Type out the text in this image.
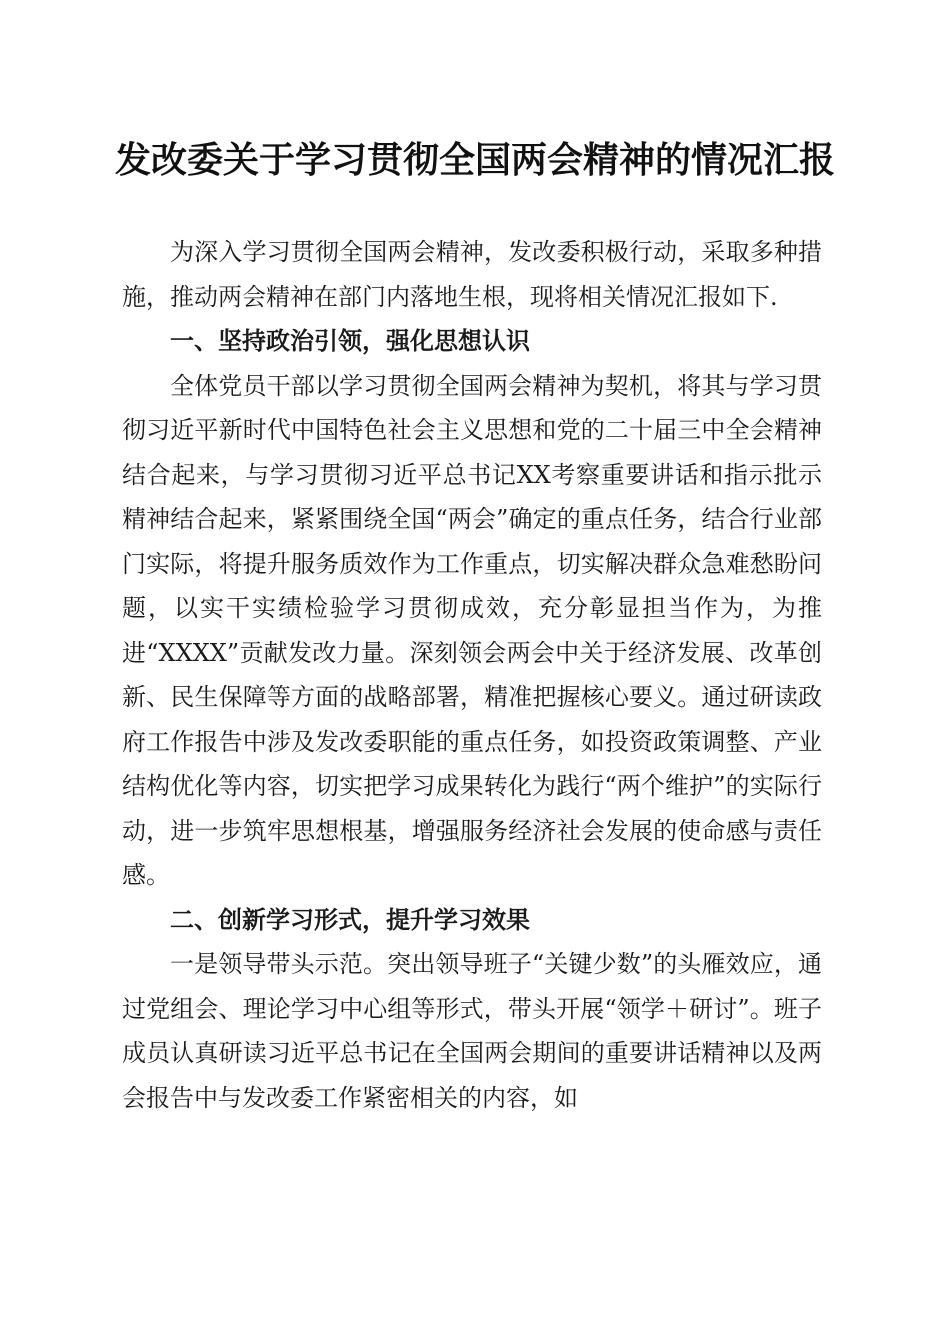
发改委关于学习贯彻全国两会精神的情况汇报

为深入学习贯彻全国两会精神，发改委积极行动，采取多种措施，推动两会精神在部门内落地生根，现将相关情况汇报如下.

一、坚持政治引领，强化思想认识

全体党员干部以学习贯彻全国两会精神为契机，将其与学习贯彻习近平新时代中国特色社会主义思想和党的二十届三中全会精神结合起来，与学习贯彻习近平总书记XX考察重要讲话和指示批示精神结合起来，紧紧围绕全国“两会”确定的重点任务，结合行业部门实际，将提升服务质效作为工作重点，切实解决群众急难愁盼问题，以实干实绩检验学习贯彻成效，充分彰显担当作为，为推进“XXXX”贡献发改力量。深刻领会两会中关于经济发展、改革创新、民生保障等方面的战略部署，精准把握核心要义。通过研读政府工作报告中涉及发改委职能的重点任务，如投资政策调整、产业结构优化等内容，切实把学习成果转化为践行“两个维护”的实际行动，进一步筑牢思想根基，增强服务经济社会发展的使命感与责任感。

二、创新学习形式，提升学习效果

一是领导带头示范。突出领导班子“关键少数”的头雁效应，通过党组会、理论学习中心组等形式，带头开展“领学＋研讨”。班子成员认真研读习近平总书记在全国两会期间的重要讲话精神以及两会报告中与发改委工作紧密相关的内容，如
